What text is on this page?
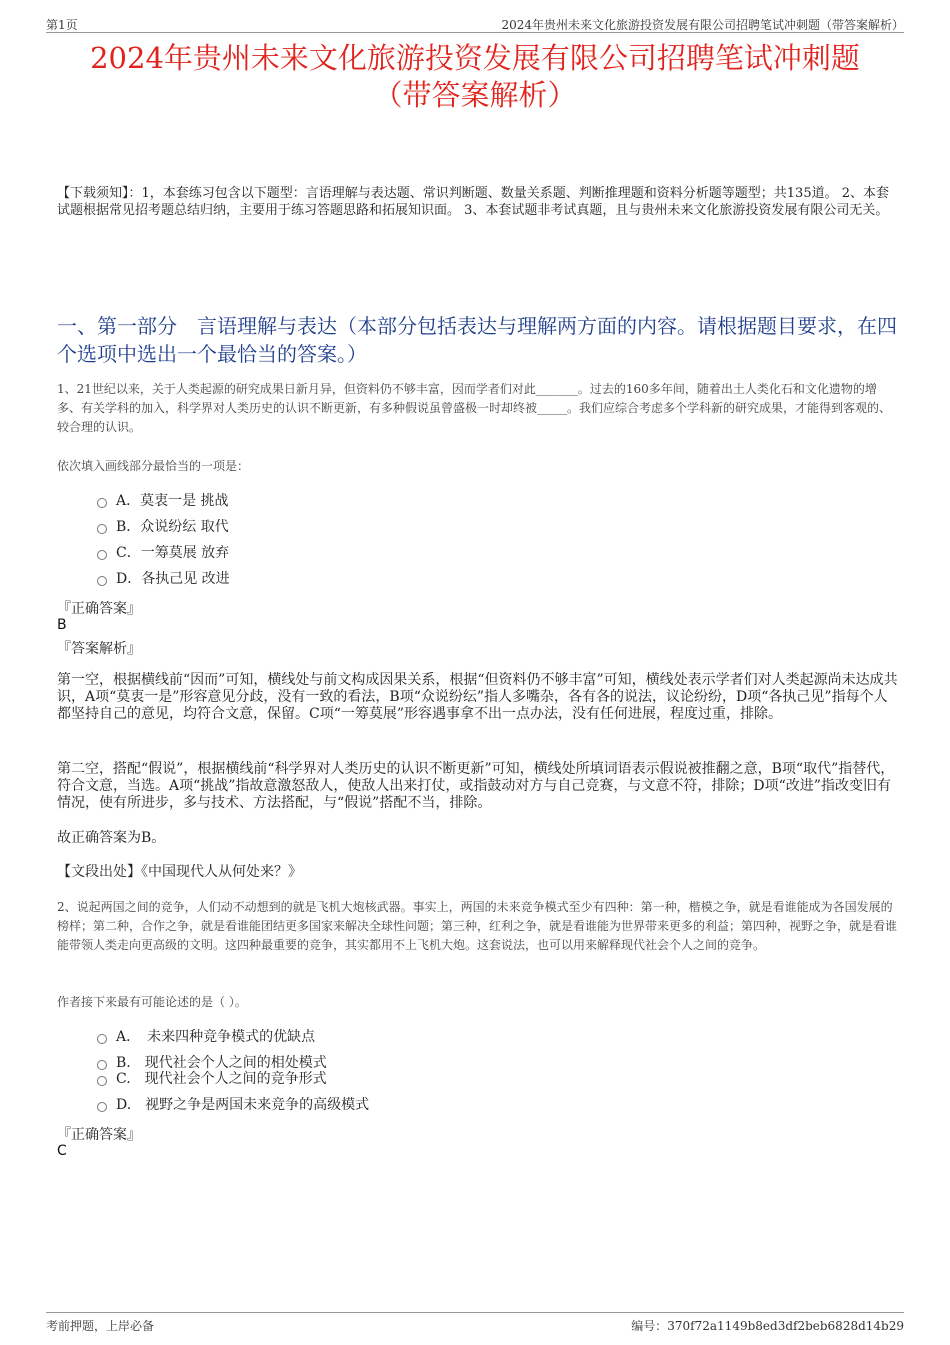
第1页	2024年贵州未来文化旅游投资发展有限公司招聘笔试冲刺题（带答案解析）
2024年贵州未来文化旅游投资发展有限公司招聘笔试冲刺题
（带答案解析）
【下载须知】：1，本套练习包含以下题型：言语理解与表达题、常识判断题、数量关系题、判断推理题和资料分析题等题型；共135道。 2、本套试题根据常见招考题总结归纳，主要用于练习答题思路和拓展知识面。 3、本套试题非考试真题，且与贵州未来文化旅游投资发展有限公司无关。
一、第一部分　言语理解与表达（本部分包括表达与理解两方面的内容。请根据题目要求，在四个选项中选出一个最恰当的答案。）
1、21世纪以来，关于人类起源的研究成果日新月异，但资料仍不够丰富，因而学者们对此_______。过去的160多年间，随着出土人类化石和文化遗物的增多、有关学科的加入，科学界对人类历史的认识不断更新，有多种假说虽曾盛极一时却终被_____。我们应综合考虑多个学科新的研究成果，才能得到客观的、较合理的认识。
依次填入画线部分最恰当的一项是：
A．莫衷一是 挑战
B．众说纷纭 取代
C．一筹莫展 放弃
D．各执己见 改进
『正确答案』
B
『答案解析』
第一空，根据横线前“因而”可知，横线处与前文构成因果关系，根据“但资料仍不够丰富”可知，横线处表示学者们对人类起源尚未达成共识，A项“莫衷一是”形容意见分歧，没有一致的看法，B项“众说纷纭”指人多嘴杂，各有各的说法，议论纷纷，D项“各执己见”指每个人都坚持自己的意见，均符合文意，保留。C项“一筹莫展”形容遇事拿不出一点办法，没有任何进展，程度过重，排除。
第二空，搭配“假说”，根据横线前“科学界对人类历史的认识不断更新”可知，横线处所填词语表示假说被推翻之意，B项“取代”指替代，符合文意，当选。A项“挑战”指故意激怒敌人，使敌人出来打仗，或指鼓动对方与自己竞赛，与文意不符，排除；D项“改进”指改变旧有情况，使有所进步，多与技术、方法搭配，与“假说”搭配不当，排除。
故正确答案为B。
【文段出处】《中国现代人从何处来？》
2、说起两国之间的竞争，人们动不动想到的就是飞机大炮核武器。事实上，两国的未来竞争模式至少有四种：第一种，楷模之争，就是看谁能成为各国发展的榜样；第二种，合作之争，就是看谁能团结更多国家来解决全球性问题；第三种，红利之争，就是看谁能为世界带来更多的利益；第四种，视野之争，就是看谁能带领人类走向更高级的文明。这四种最重要的竞争，其实都用不上飞机大炮。这套说法，也可以用来解释现代社会个人之间的竞争。
作者接下来最有可能论述的是（ ）。
A．　未来四种竞争模式的优缺点
B.　现代社会个人之间的相处模式
C.　现代社会个人之间的竞争形式
D.　视野之争是两国未来竞争的高级模式
『正确答案』
C
考前押题，上岸必备	编号：370f72a1149b8ed3df2beb6828d14b29
